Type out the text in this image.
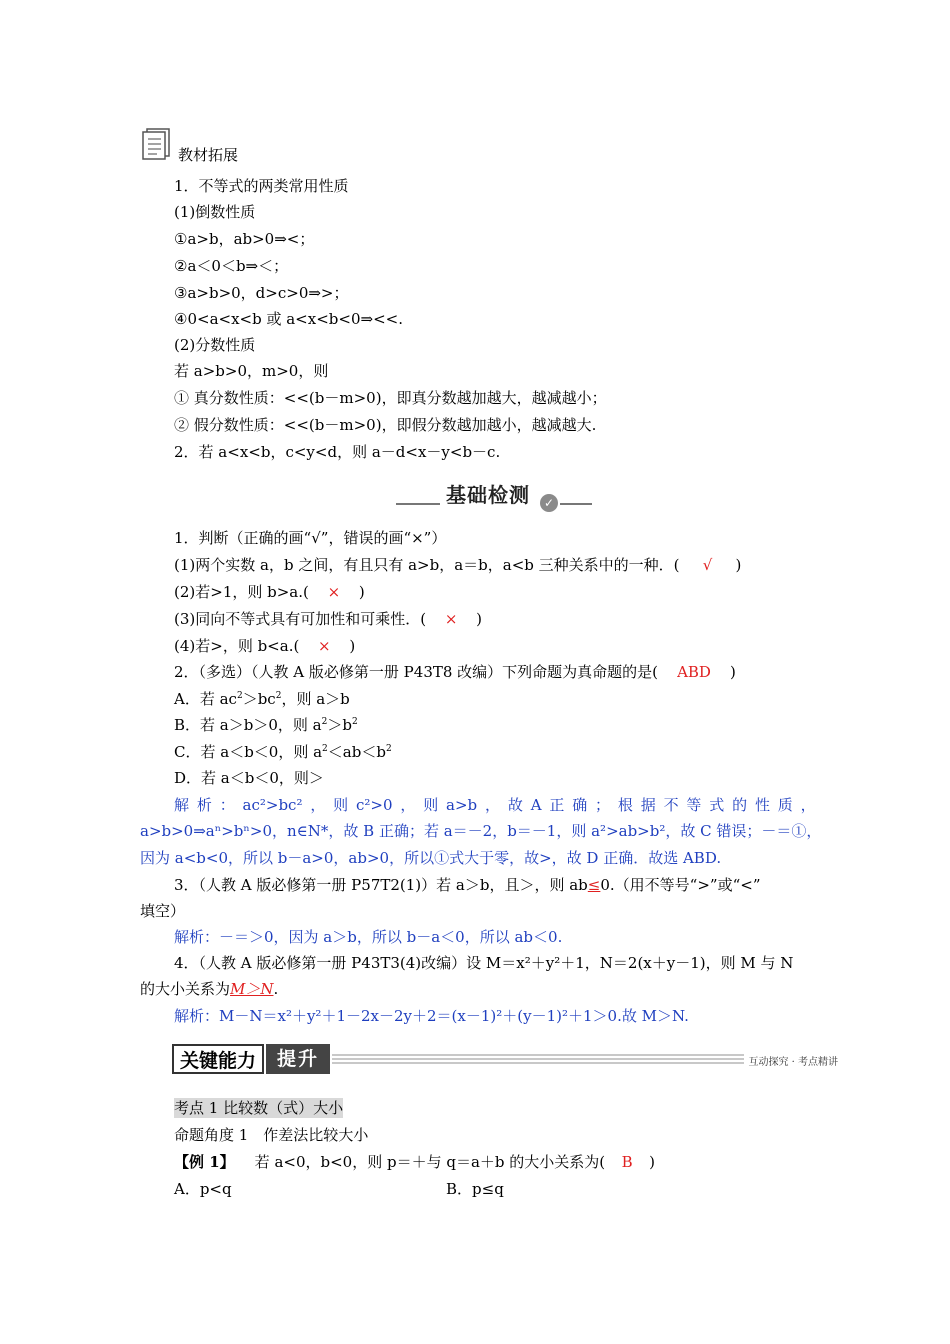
教材拓展
1．不等式的两类常用性质
(1)倒数性质
①a>b，ab>0⇒<；
②a＜0＜b⇒＜；
③a>b>0，d>c>0⇒>；
④0<a<x<b 或 a<x<b<0⇒<<.
(2)分数性质
若 a>b>0，m>0，则
① 真分数性质：<<(b－m>0)，即真分数越加越大，越减越小；
② 假分数性质：<<(b－m>0)，即假分数越加越小，越减越大.
2．若 a<x<b，c<y<d，则 a－d<x－y<b－c.
基础检测	✓
1．判断（正确的画“√”，错误的画“×”）
(1)两个实数 a，b 之间，有且只有 a>b，a＝b，a<b 三种关系中的一种．( √ )
(2)若>1，则 b>a.( × )
(3)同向不等式具有可加性和可乘性．( × )
(4)若>，则 b<a.( × )
2．（多选）（人教 A 版必修第一册 P43T8 改编）下列命题为真命题的是( ABD )
A．若 $ac^2>bc^2$，则 a＞b
B．若 a＞b＞0，则 $a^2>b^2$
C．若 a＜b＜0，则 $a^2<ab<b^2$
D．若 a＜b＜0，则＞
解 析 ： ac²>bc² ， 则 c²>0 ， 则 a>b ， 故 A 正 确 ； 根 据 不 等 式 的 性 质 ，
a>b>0⇒aⁿ>bⁿ>0，n∈N*，故 B 正确；若 a＝－2，b＝－1，则 a²>ab>b²，故 C 错误；－＝①，
因为 a<b<0，所以 b－a>0，ab>0，所以①式大于零，故>，故 D 正确．故选 ABD.
3．（人教 A 版必修第一册 P57T2(1)）若 a＞b，且＞，则 ab≤0.（用不等号“>”或“<”
填空）
解析：－＝＞0，因为 a＞b，所以 b－a＜0，所以 ab＜0.
4．（人教 A 版必修第一册 P43T3(4)改编）设 M＝x²＋y²＋1，N＝2(x＋y－1)，则 M 与 N
的大小关系为M＞N.
解析：M－N＝x²＋y²＋1－2x－2y＋2＝(x－1)²＋(y－1)²＋1＞0.故 M＞N.
关键能力	提升	互动探究 · 考点精讲
考点 1 比较数（式）大小
命题角度 1　作差法比较大小
【例 1】 若 a<0，b<0，则 p＝＋与 q＝a＋b 的大小关系为( B )
A．p<q	B．p≤q
